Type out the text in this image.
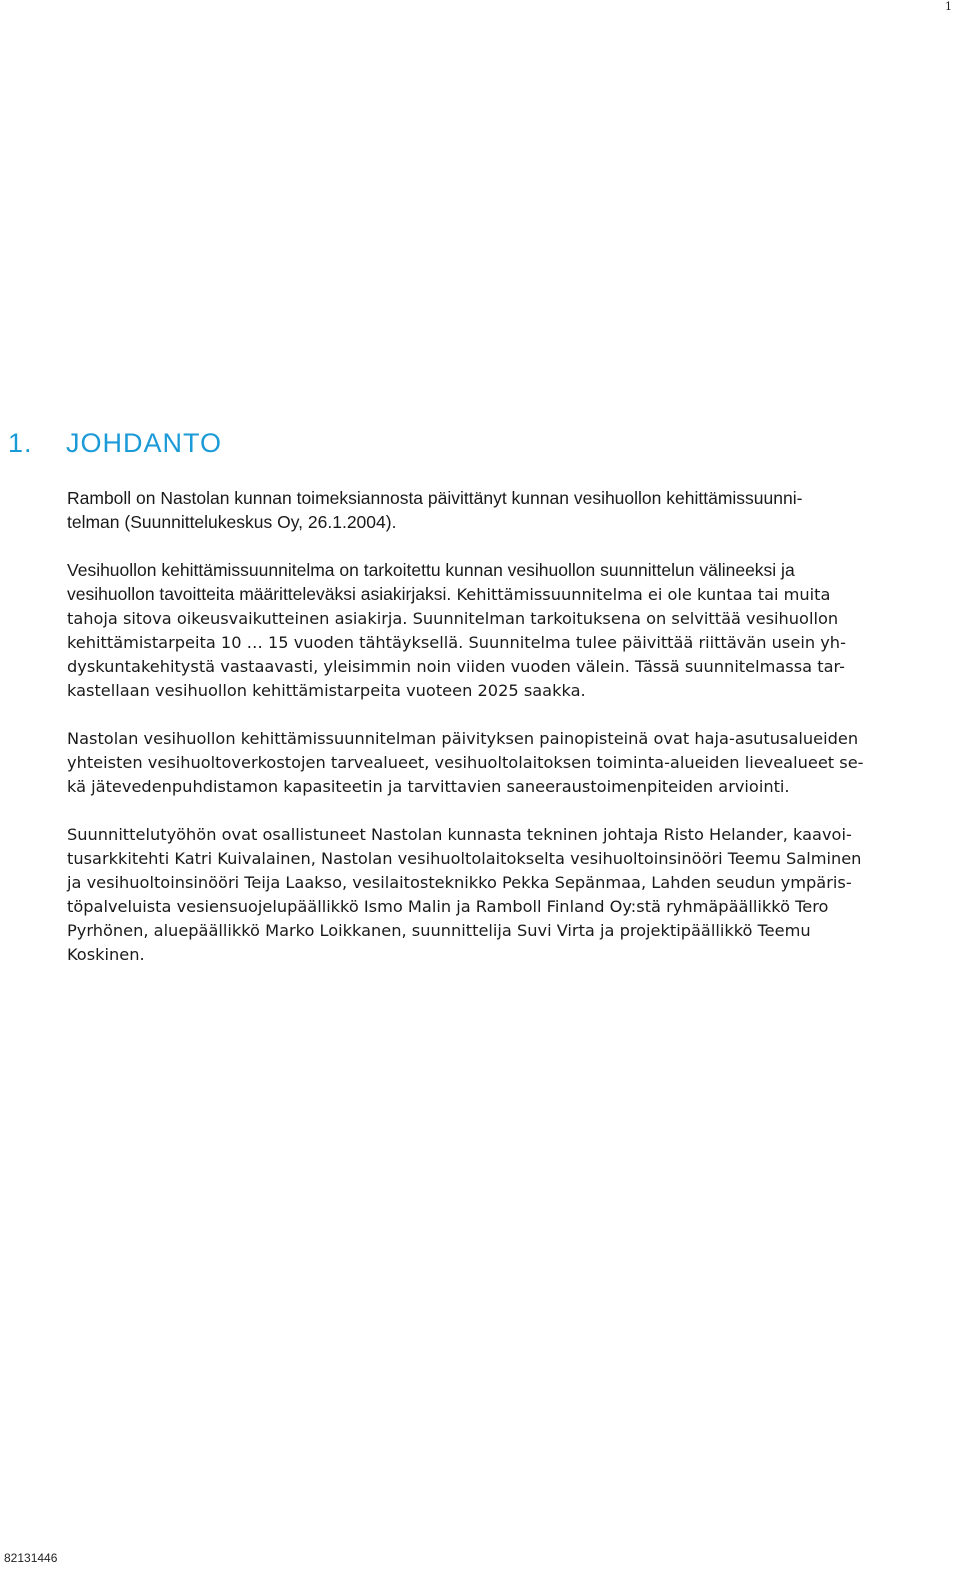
1
1. JOHDANTO

Ramboll on Nastolan kunnan toimeksiannosta päivittänyt kunnan vesihuollon kehittämissuunni-
telman (Suunnittelukeskus Oy, 26.1.2004).

Vesihuollon kehittämissuunnitelma on tarkoitettu kunnan vesihuollon suunnittelun välineeksi ja
vesihuollon tavoitteita määritteleväksi asiakirjaksi. Kehittämissuunnitelma ei ole kuntaa tai muita
tahoja sitova oikeusvaikutteinen asiakirja. Suunnitelman tarkoituksena on selvittää vesihuollon
kehittämistarpeita 10 … 15 vuoden tähtäyksellä. Suunnitelma tulee päivittää riittävän usein yh-
dyskuntakehitystä vastaavasti, yleisimmin noin viiden vuoden välein. Tässä suunnitelmassa tar-
kastellaan vesihuollon kehittämistarpeita vuoteen 2025 saakka.

Nastolan vesihuollon kehittämissuunnitelman päivityksen painopisteinä ovat haja-asutusalueiden
yhteisten vesihuoltoverkostojen tarvealueet, vesihuoltolaitoksen toiminta-alueiden lievealueet se-
kä jätevedenpuhdistamon kapasiteetin ja tarvittavien saneeraustoimenpiteiden arviointi.

Suunnittelutyöhön ovat osallistuneet Nastolan kunnasta tekninen johtaja Risto Helander, kaavoi-
tusarkkitehti Katri Kuivalainen, Nastolan vesihuoltolaitokselta vesihuoltoinsinööri Teemu Salminen
ja vesihuoltoinsinööri Teija Laakso, vesilaitosteknikko Pekka Sepänmaa, Lahden seudun ympäris-
töpalveluista vesiensuojelupäällikkö Ismo Malin ja Ramboll Finland Oy:stä ryhmäpäällikkö Tero
Pyrhönen, aluepäällikkö Marko Loikkanen, suunnittelija Suvi Virta ja projektipäällikkö Teemu
Koskinen.

82131446
